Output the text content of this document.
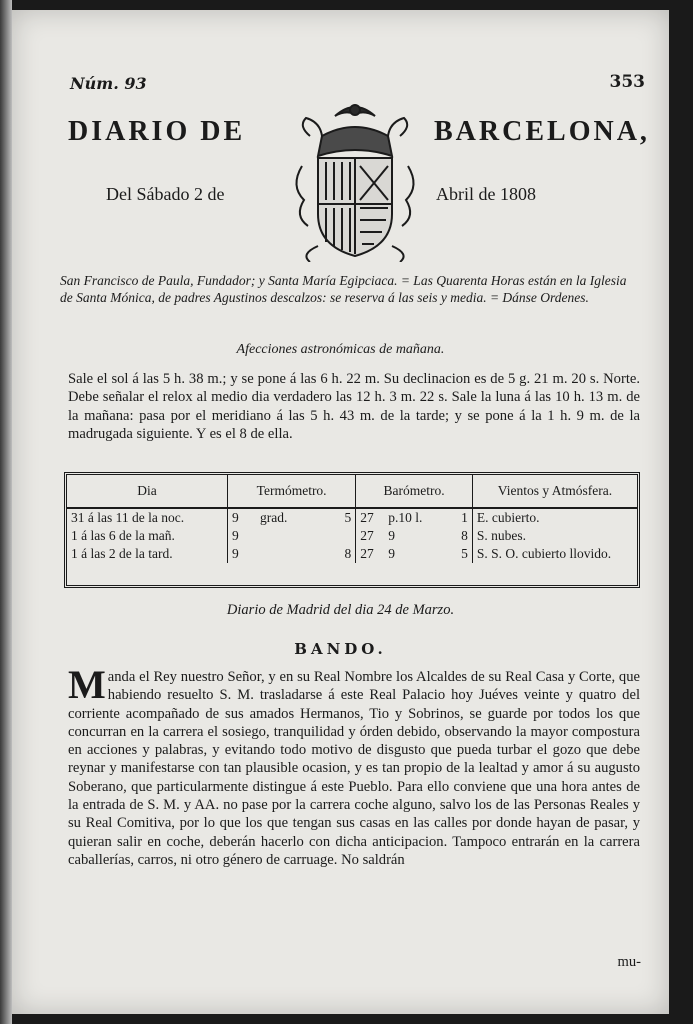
Núm. 93	353
DIARIO DE	BARCELONA,
Del Sábado 2 de	Abril de 1808
San Francisco de Paula, Fundador; y Santa María Egipciaca. = Las Quarenta Horas están en la Iglesia de Santa Mónica, de padres Agustinos descalzos: se reserva á las seis y media. = Dánse Ordenes.
Afecciones astronómicas de mañana.
Sale el sol á las 5 h. 38 m.; y se pone á las 6 h. 22 m. Su declinacion es de 5 g. 21 m. 20 s. Norte. Debe señalar el relox al medio dia verdadero las 12 h. 3 m. 22 s. Sale la luna á las 10 h. 13 m. de la mañana: pasa por el meridiano á las 5 h. 43 m. de la tarde; y se pone á la 1 h. 9 m. de la madrugada siguiente. Y es el 8 de ella.
Dia	Termómetro.			Barómetro.			Vientos y Atmósfera.
31 á las 11 de la noc.	9	grad.	5	27	p.10 l.	1	E. cubierto.
1 á las 6 de la mañ.	9			27	9	8	S. nubes.
1 á las 2 de la tard.	9		8	27	9	5	S. S. O. cubierto llovido.
Diario de Madrid del dia 24 de Marzo.
BANDO.
Manda el Rey nuestro Señor, y en su Real Nombre los Alcaldes de su Real Casa y Corte, que habiendo resuelto S. M. trasladarse á este Real Palacio hoy Juéves veinte y quatro del corriente acompañado de sus amados Hermanos, Tio y Sobrinos, se guarde por todos los que concurran en la carrera el sosiego, tranquilidad y órden debido, observando la mayor compostura en acciones y palabras, y evitando todo motivo de disgusto que pueda turbar el gozo que debe reynar y manifestarse con tan plausible ocasion, y es tan propio de la lealtad y amor á su augusto Soberano, que particularmente distingue á este Pueblo. Para ello conviene que una hora antes de la entrada de S. M. y AA. no pase por la carrera coche alguno, salvo los de las Personas Reales y su Real Comitiva, por lo que los que tengan sus casas en las calles por donde hayan de pasar, y quieran salir en coche, deberán hacerlo con dicha anticipacion. Tampoco entrarán en la carrera caballerías, carros, ni otro género de carruage. No saldrán
mu-
